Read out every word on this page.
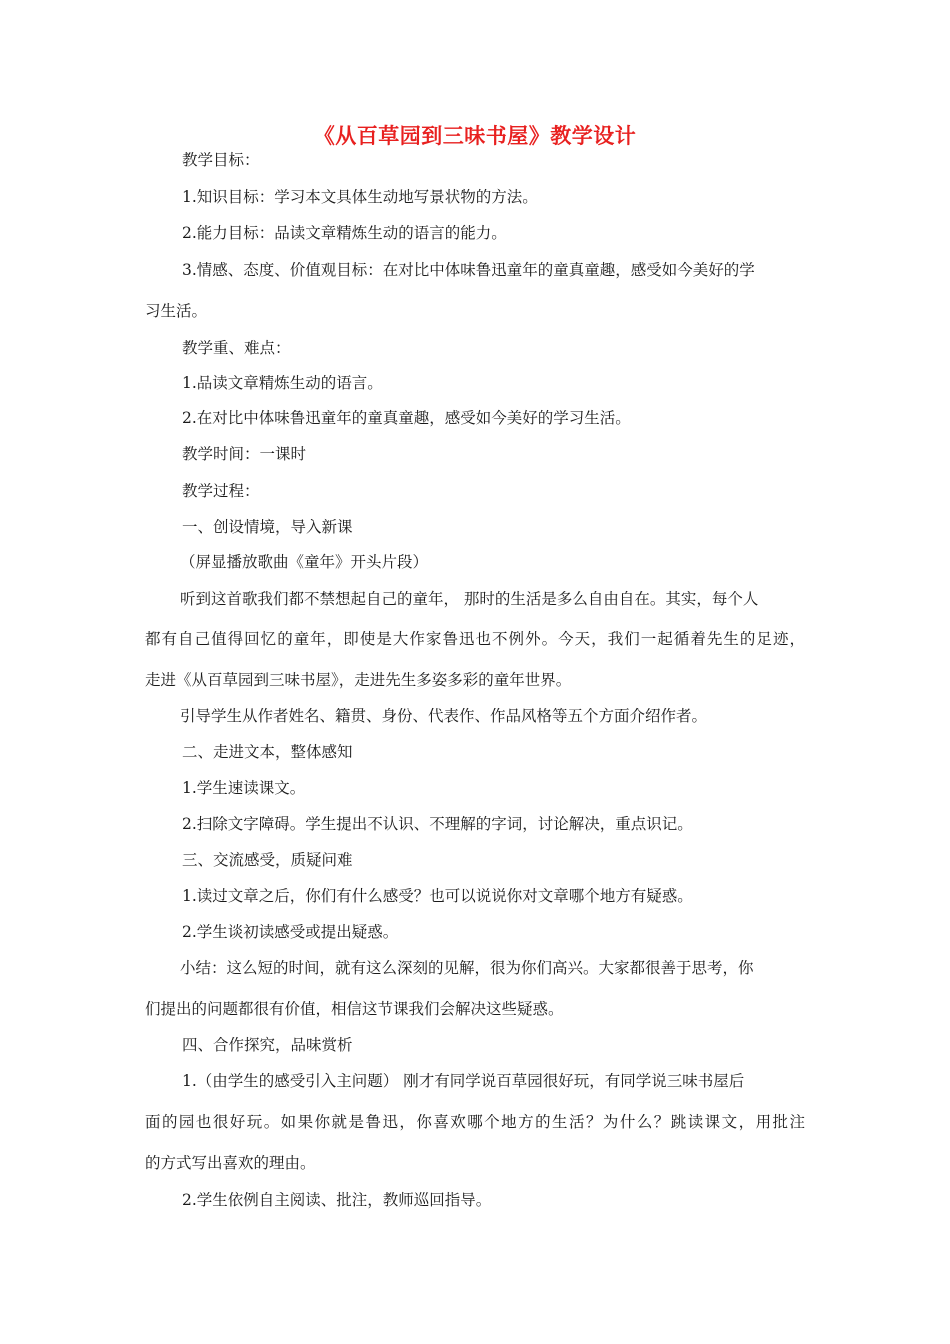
《从百草园到三味书屋》教学设计
教学目标：
1.知识目标：学习本文具体生动地写景状物的方法。
2.能力目标：品读文章精炼生动的语言的能力。
3.情感、态度、价值观目标：在对比中体味鲁迅童年的童真童趣，感受如今美好的学
习生活。
教学重、难点：
1.品读文章精炼生动的语言。
2.在对比中体味鲁迅童年的童真童趣，感受如今美好的学习生活。
教学时间：一课时
教学过程：
一、创设情境，导入新课
（屏显播放歌曲《童年》开头片段）
听到这首歌我们都不禁想起自己的童年， 那时的生活是多么自由自在。其实，每个人
都有自己值得回忆的童年，即使是大作家鲁迅也不例外。今天，我们一起循着先生的足迹，
走进《从百草园到三味书屋》，走进先生多姿多彩的童年世界。
引导学生从作者姓名、籍贯、身份、代表作、作品风格等五个方面介绍作者。
二、走进文本，整体感知
1.学生速读课文。
2.扫除文字障碍。学生提出不认识、不理解的字词，讨论解决，重点识记。
三、交流感受，质疑问难
1.读过文章之后，你们有什么感受？也可以说说你对文章哪个地方有疑惑。
2.学生谈初读感受或提出疑惑。
小结：这么短的时间，就有这么深刻的见解，很为你们高兴。大家都很善于思考，你
们提出的问题都很有价值，相信这节课我们会解决这些疑惑。
四、合作探究，品味赏析
1.（由学生的感受引入主问题） 刚才有同学说百草园很好玩，有同学说三味书屋后
面的园也很好玩。如果你就是鲁迅，你喜欢哪个地方的生活？为什么？跳读课文，用批注
的方式写出喜欢的理由。
2.学生依例自主阅读、批注，教师巡回指导。
